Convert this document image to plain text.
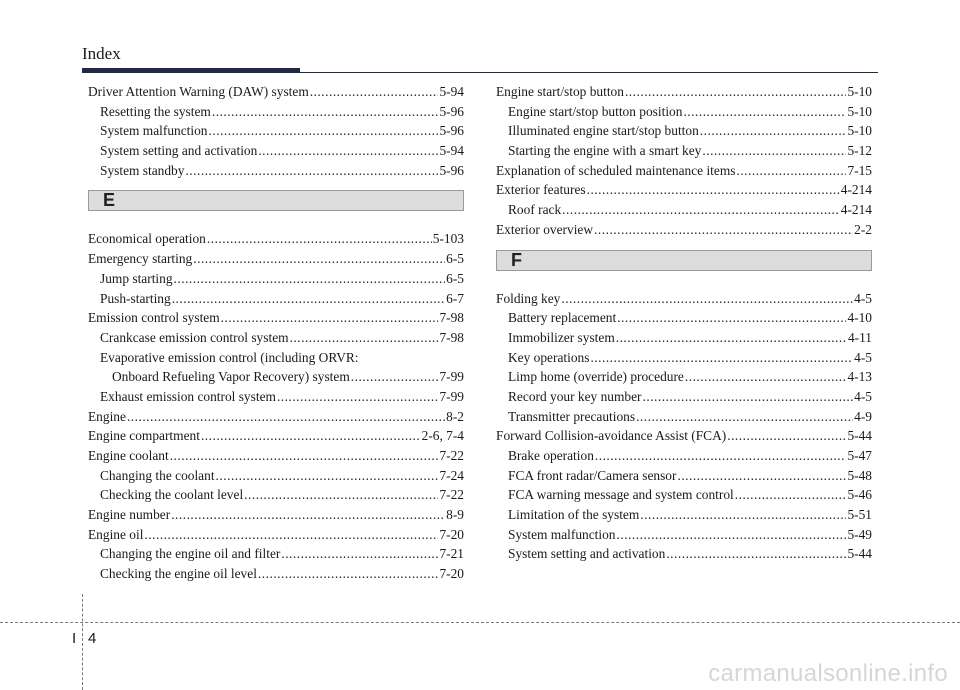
Index
Driver Attention Warning (DAW) system .....	5-94
Resetting the system .....	5-96
System malfunction .....	5-96
System setting and activation .....	5-94
System standby .....	5-96
E
Economical operation .....	5-103
Emergency starting .....	6-5
Jump starting .....	6-5
Push-starting .....	6-7
Emission control system .....	7-98
Crankcase emission control system .....	7-98
Evaporative emission control (including ORVR:
Onboard Refueling Vapor Recovery) system .....	7-99
Exhaust emission control system .....	7-99
Engine .....	8-2
Engine compartment .....	2-6, 7-4
Engine coolant .....	7-22
Changing the coolant .....	7-24
Checking the coolant level .....	7-22
Engine number .....	8-9
Engine oil .....	7-20
Changing the engine oil and filter .....	7-21
Checking the engine oil level .....	7-20
Engine start/stop button .....	5-10
Engine start/stop button position .....	5-10
Illuminated engine start/stop button .....	5-10
Starting the engine with a smart key .....	5-12
Explanation of scheduled maintenance items .....	7-15
Exterior features .....	4-214
Roof rack .....	4-214
Exterior overview .....	2-2
F
Folding key .....	4-5
Battery replacement .....	4-10
Immobilizer system .....	4-11
Key operations .....	4-5
Limp home (override) procedure .....	4-13
Record your key number .....	4-5
Transmitter precautions .....	4-9
Forward Collision-avoidance Assist (FCA) .....	5-44
Brake operation .....	5-47
FCA front radar/Camera sensor .....	5-48
FCA warning message and system control .....	5-46
Limitation of the system .....	5-51
System malfunction .....	5-49
System setting and activation .....	5-44
I 4
carmanualsonline.info
